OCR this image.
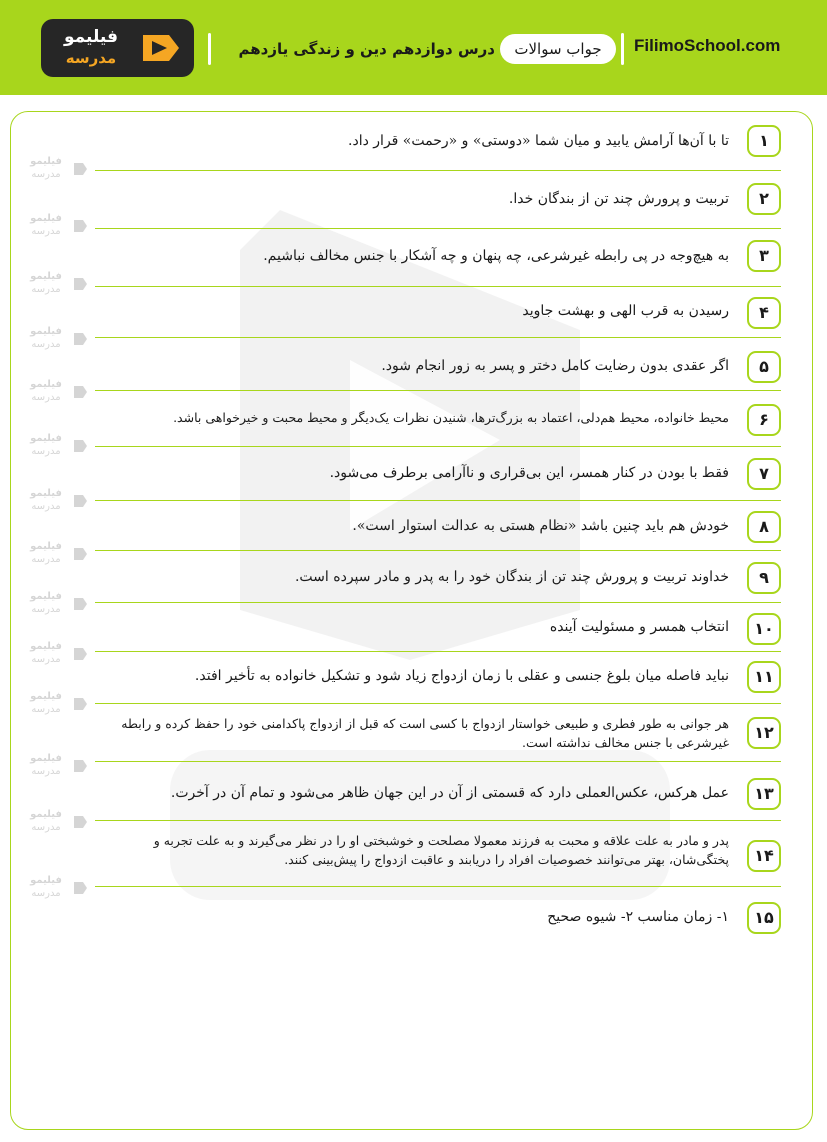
FilimoSchool.com
جواب سوالات
درس دوازدهم دین و زندگی یازدهم
فیلیمو
مدرسه
فیلیمو
مدرسه
فیلیمو
مدرسه
فیلیمو
مدرسه
فیلیمو
مدرسه
فیلیمو
مدرسه
فیلیمو
مدرسه
فیلیمو
مدرسه
فیلیمو
مدرسه
فیلیمو
مدرسه
فیلیمو
مدرسه
فیلیمو
مدرسه
فیلیمو
مدرسه
فیلیمو
مدرسه
فیلیمو
مدرسه
۱
تا با آن‌ها آرامش یابید و میان شما «دوستی» و «رحمت» قرار داد.
۲
تربیت و پرورش چند تن از بندگان خدا.
۳
به هیچ‌وجه در پی رابطه غیرشرعی، چه پنهان و چه آشکار با جنس مخالف نباشیم.
۴
رسیدن به قرب الهی و بهشت جاوید
۵
اگر عقدی بدون رضایت کامل دختر و پسر به زور انجام شود.
۶
محیط خانواده، محیط هم‌دلی، اعتماد به بزرگ‌ترها، شنیدن نظرات یک‌دیگر و محیط محبت و خیرخواهی باشد.
۷
فقط با بودن در کنار همسر، این بی‌قراری و ناآرامی برطرف می‌شود.
۸
خودش هم باید چنین باشد «نظام هستی به عدالت استوار است».
۹
خداوند تربیت و پرورش چند تن از بندگان خود را به پدر و مادر سپرده است.
۱۰
انتخاب همسر و مسئولیت آینده
۱۱
نباید فاصله میان بلوغ جنسی و عقلی با زمان ازدواج زیاد شود و تشکیل خانواده به تأخیر افتد.
۱۲
هر جوانی به طور فطری و طبیعی خواستار ازدواج با کسی است که قبل از ازدواج پاکدامنی خود را حفظ کرده و رابطه غیرشرعی با جنس مخالف نداشته است.
۱۳
عمل هرکس، عکس‌العملی دارد که قسمتی از آن در این جهان ظاهر می‌شود و تمام آن در آخرت.
۱۴
پدر و مادر به علت علاقه و محبت به فرزند معمولا مصلحت و خوشبختی او را در نظر می‌گیرند و به علت تجربه و پختگی‌شان، بهتر می‌توانند خصوصیات افراد را دریابند و عاقبت ازدواج را پیش‌بینی کنند.
۱۵
۱- زمان مناسب ۲- شیوه صحیح
